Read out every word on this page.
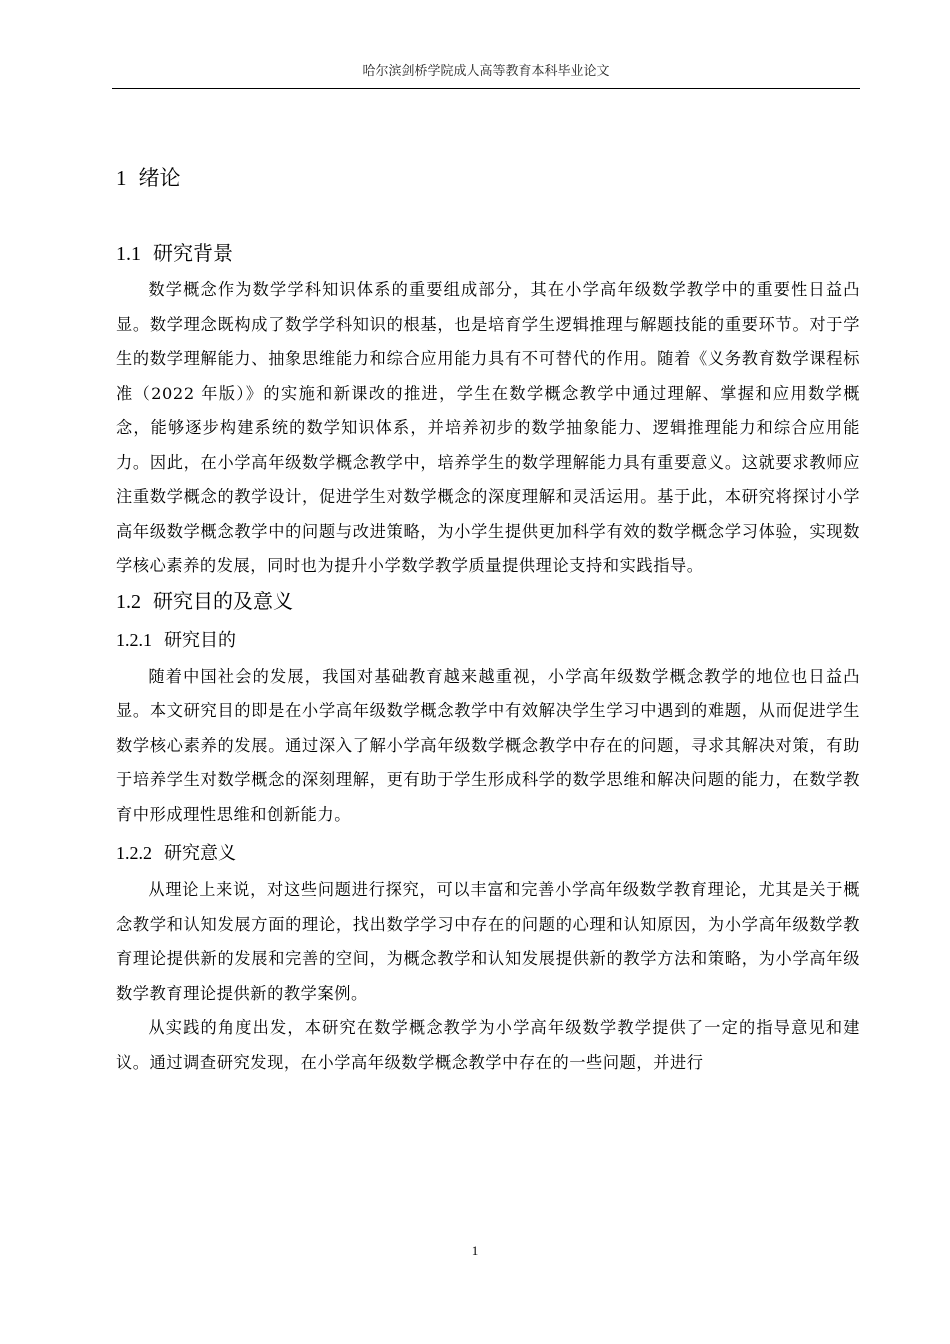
哈尔滨剑桥学院成人高等教育本科毕业论文
1 绪论
1.1 研究背景

数学概念作为数学学科知识体系的重要组成部分，其在小学高年级数学教学中的重要性日益凸显。数学理念既构成了数学学科知识的根基，也是培育学生逻辑推理与解题技能的重要环节。对于学生的数学理解能力、抽象思维能力和综合应用能力具有不可替代的作用。随着《义务教育数学课程标准（2022 年版）》的实施和新课改的推进，学生在数学概念教学中通过理解、掌握和应用数学概念，能够逐步构建系统的数学知识体系，并培养初步的数学抽象能力、逻辑推理能力和综合应用能力。因此，在小学高年级数学概念教学中，培养学生的数学理解能力具有重要意义。这就要求教师应注重数学概念的教学设计，促进学生对数学概念的深度理解和灵活运用。基于此，本研究将探讨小学高年级数学概念教学中的问题与改进策略，为小学生提供更加科学有效的数学概念学习体验，实现数学核心素养的发展，同时也为提升小学数学教学质量提供理论支持和实践指导。

1.2 研究目的及意义
1.2.1 研究目的

随着中国社会的发展，我国对基础教育越来越重视，小学高年级数学概念教学的地位也日益凸显。本文研究目的即是在小学高年级数学概念教学中有效解决学生学习中遇到的难题，从而促进学生数学核心素养的发展。通过深入了解小学高年级数学概念教学中存在的问题，寻求其解决对策，有助于培养学生对数学概念的深刻理解，更有助于学生形成科学的数学思维和解决问题的能力，在数学教育中形成理性思维和创新能力。

1.2.2 研究意义

从理论上来说，对这些问题进行探究，可以丰富和完善小学高年级数学教育理论，尤其是关于概念教学和认知发展方面的理论，找出数学学习中存在的问题的心理和认知原因，为小学高年级数学教育理论提供新的发展和完善的空间，为概念教学和认知发展提供新的教学方法和策略，为小学高年级数学教育理论提供新的教学案例。

从实践的角度出发，本研究在数学概念教学为小学高年级数学教学提供了一定的指导意见和建议。通过调查研究发现，在小学高年级数学概念教学中存在的一些问题，并进行

1
